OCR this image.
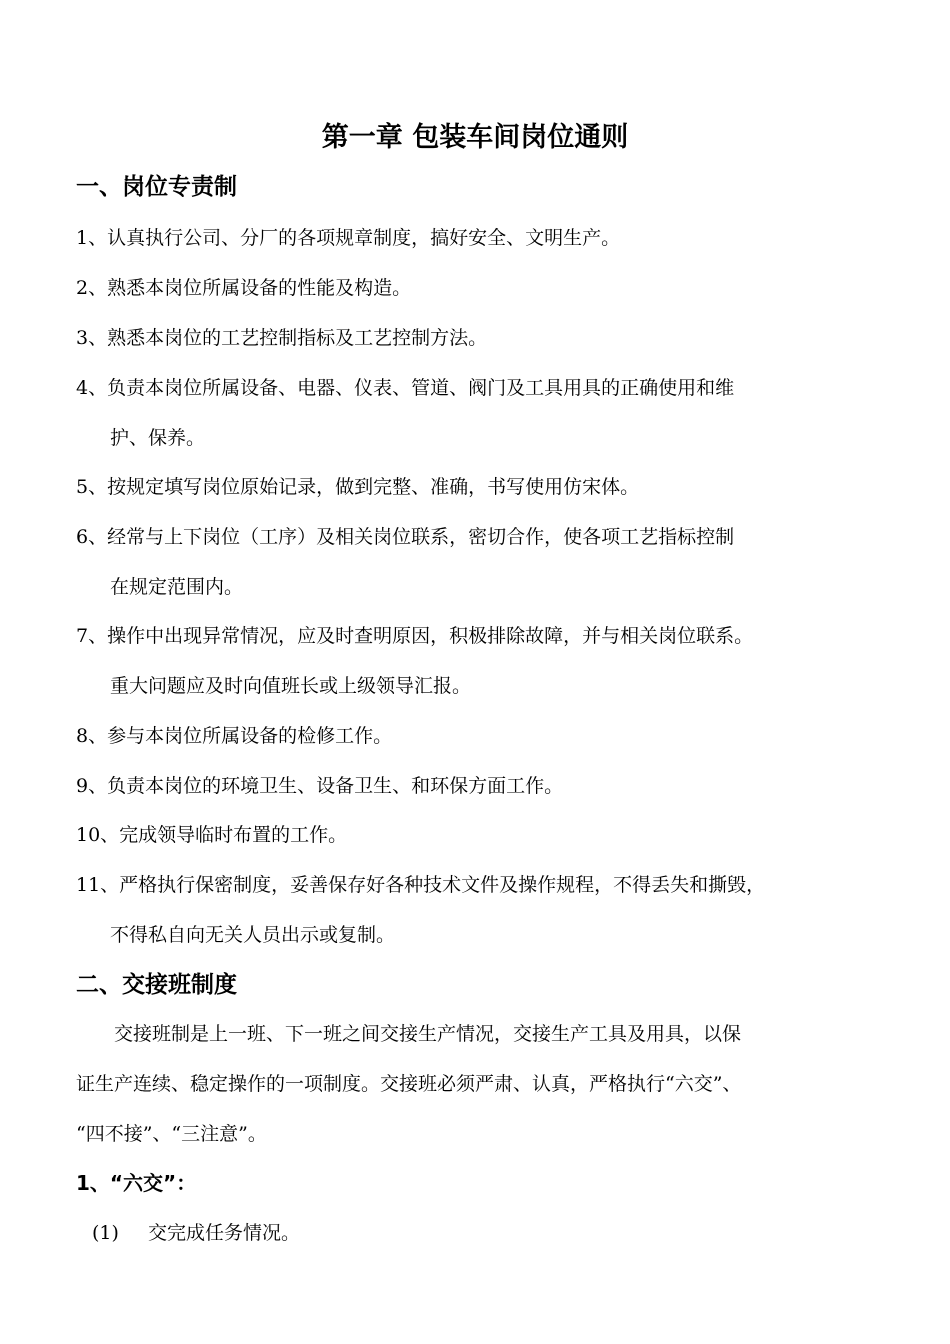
第一章 包装车间岗位通则
一、岗位专责制
1、认真执行公司、分厂的各项规章制度，搞好安全、文明生产。
2、熟悉本岗位所属设备的性能及构造。
3、熟悉本岗位的工艺控制指标及工艺控制方法。
4、负责本岗位所属设备、电器、仪表、管道、阀门及工具用具的正确使用和维
护、保养。
5、按规定填写岗位原始记录，做到完整、准确，书写使用仿宋体。
6、经常与上下岗位（工序）及相关岗位联系，密切合作，使各项工艺指标控制
在规定范围内。
7、操作中出现异常情况，应及时查明原因，积极排除故障，并与相关岗位联系。
重大问题应及时向值班长或上级领导汇报。
8、参与本岗位所属设备的检修工作。
9、负责本岗位的环境卫生、设备卫生、和环保方面工作。
10、完成领导临时布置的工作。
11、严格执行保密制度，妥善保存好各种技术文件及操作规程，不得丢失和撕毁，
不得私自向无关人员出示或复制。
二、交接班制度
交接班制是上一班、下一班之间交接生产情况，交接生产工具及用具，以保
证生产连续、稳定操作的一项制度。交接班必须严肃、认真，严格执行“六交”、
“四不接”、“三注意”。
1、“六交”：
(1) 交完成任务情况。
